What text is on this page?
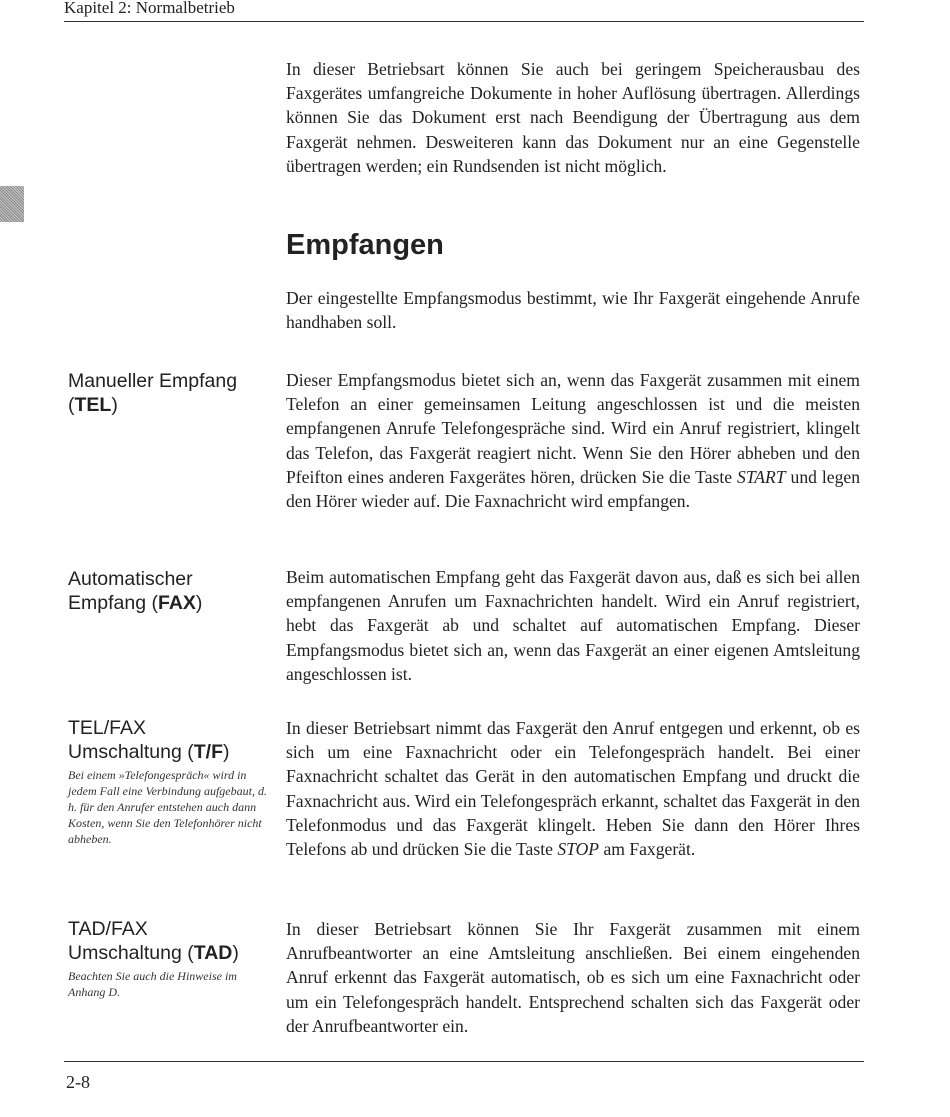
Kapitel 2: Normalbetrieb

In dieser Betriebsart können Sie auch bei geringem Speicherausbau des Faxgerätes umfangreiche Dokumente in hoher Auflösung übertragen. Allerdings können Sie das Dokument erst nach Beendigung der Übertragung aus dem Faxgerät nehmen. Desweiteren kann das Dokument nur an eine Gegenstelle übertragen werden; ein Rundsenden ist nicht möglich.

Empfangen

Der eingestellte Empfangsmodus bestimmt, wie Ihr Faxgerät eingehende Anrufe handhaben soll.

Manueller Empfang
(TEL)

Dieser Empfangsmodus bietet sich an, wenn das Faxgerät zusammen mit einem Telefon an einer gemeinsamen Leitung angeschlossen ist und die meisten empfangenen Anrufe Telefongespräche sind. Wird ein Anruf registriert, klingelt das Telefon, das Faxgerät reagiert nicht. Wenn Sie den Hörer abheben und den Pfeifton eines anderen Faxgerätes hören, drücken Sie die Taste START und legen den Hörer wieder auf. Die Faxnachricht wird empfangen.

Automatischer
Empfang (FAX)

Beim automatischen Empfang geht das Faxgerät davon aus, daß es sich bei allen empfangenen Anrufen um Faxnachrichten handelt. Wird ein Anruf registriert, hebt das Faxgerät ab und schaltet auf automatischen Empfang. Dieser Empfangsmodus bietet sich an, wenn das Faxgerät an einer eigenen Amtsleitung angeschlossen ist.

TEL/FAX
Umschaltung (T/F)
Bei einem »Telefongespräch« wird in jedem Fall eine Verbindung aufgebaut, d. h. für den Anrufer entstehen auch dann Kosten, wenn Sie den Telefonhörer nicht abheben.

In dieser Betriebsart nimmt das Faxgerät den Anruf entgegen und erkennt, ob es sich um eine Faxnachricht oder ein Telefongespräch handelt. Bei einer Faxnachricht schaltet das Gerät in den automatischen Empfang und druckt die Faxnachricht aus. Wird ein Telefongespräch erkannt, schaltet das Faxgerät in den Telefonmodus und das Faxgerät klingelt. Heben Sie dann den Hörer Ihres Telefons ab und drücken Sie die Taste STOP am Faxgerät.

TAD/FAX
Umschaltung (TAD)
Beachten Sie auch die Hinweise im Anhang D.

In dieser Betriebsart können Sie Ihr Faxgerät zusammen mit einem Anrufbeantworter an eine Amtsleitung anschließen. Bei einem eingehenden Anruf erkennt das Faxgerät automatisch, ob es sich um eine Faxnachricht oder um ein Telefongespräch handelt. Entsprechend schalten sich das Faxgerät oder der Anrufbeantworter ein.

2-8
